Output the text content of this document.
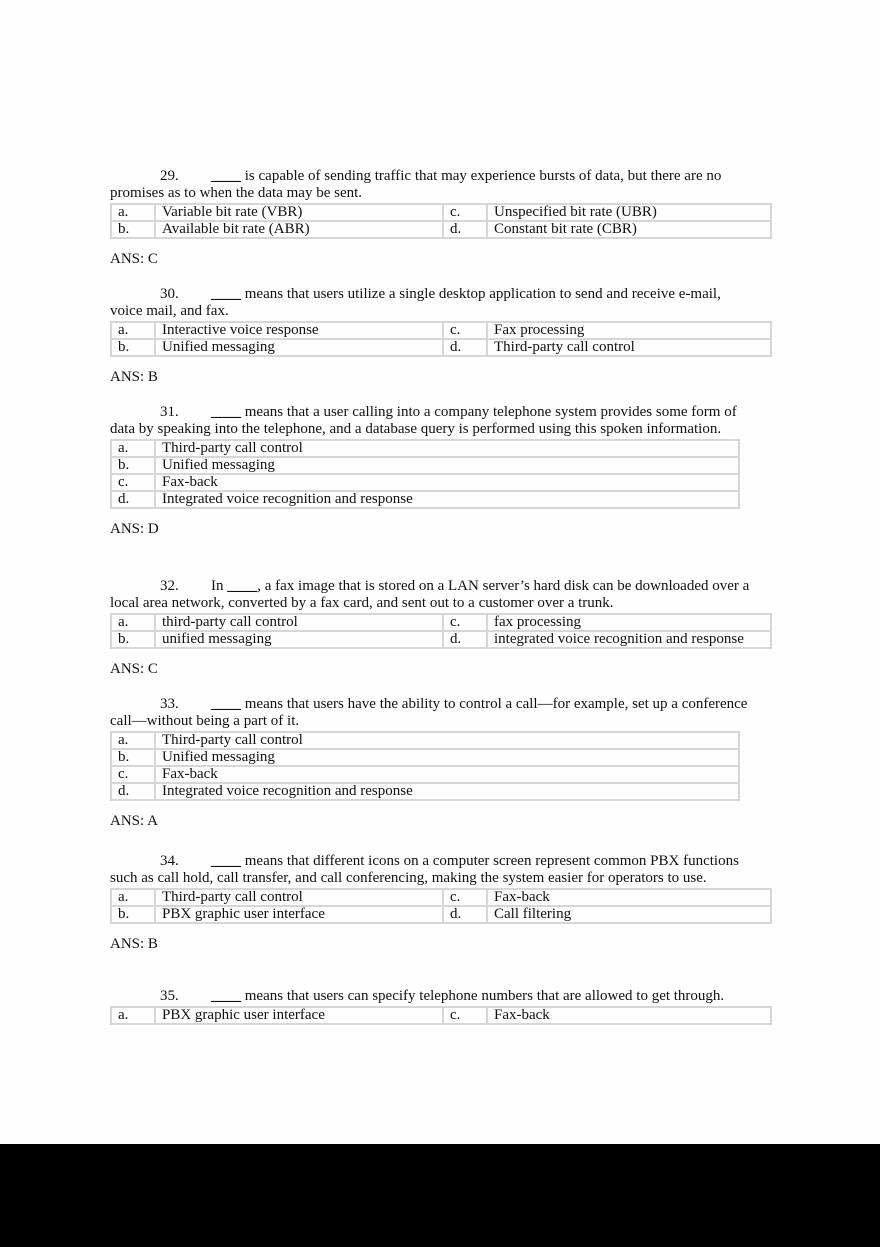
29. ____ is capable of sending traffic that may experience bursts of data, but there are no promises as to when the data may be sent.

a.	Variable bit rate (VBR)	c.	Unspecified bit rate (UBR)
b.	Available bit rate (ABR)	d.	Constant bit rate (CBR)
ANS: C

30. ____ means that users utilize a single desktop application to send and receive e-mail, voice mail, and fax.

a.	Interactive voice response	c.	Fax processing
b.	Unified messaging	d.	Third-party call control
ANS: B

31. ____ means that a user calling into a company telephone system provides some form of data by speaking into the telephone, and a database query is performed using this spoken information.

a.	Third-party call control
b.	Unified messaging
c.	Fax-back
d.	Integrated voice recognition and response
ANS: D

32. In ____, a fax image that is stored on a LAN server’s hard disk can be downloaded over a local area network, converted by a fax card, and sent out to a customer over a trunk.

a.	third-party call control	c.	fax processing
b.	unified messaging	d.	integrated voice recognition and response
ANS: C

33. ____ means that users have the ability to control a call—for example, set up a conference call—without being a part of it.

a.	Third-party call control
b.	Unified messaging
c.	Fax-back
d.	Integrated voice recognition and response
ANS: A

34. ____ means that different icons on a computer screen represent common PBX functions such as call hold, call transfer, and call conferencing, making the system easier for operators to use.

a.	Third-party call control	c.	Fax-back
b.	PBX graphic user interface	d.	Call filtering
ANS: B

35. ____ means that users can specify telephone numbers that are allowed to get through.

a.	PBX graphic user interface	c.	Fax-back
